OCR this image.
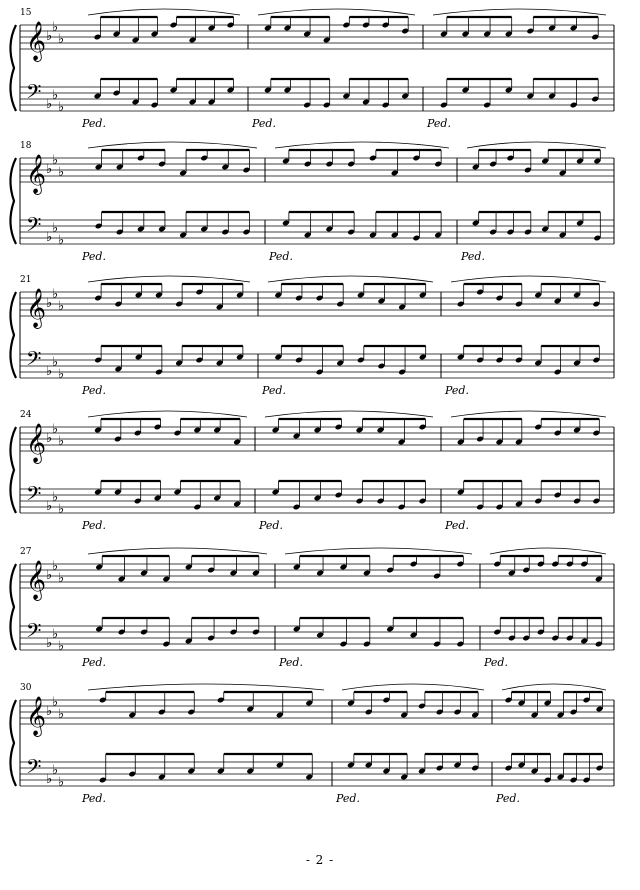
15
𝄞
𝄢
♭
♭
♭
♭
♭
♭
Ped.	Ped.	Ped.
18
𝄞
𝄢
♭
♭
♭
♭
♭
♭
Ped.	Ped.	Ped.
21
𝄞
𝄢
♭
♭
♭
♭
♭
♭
Ped.	Ped.	Ped.
24
𝄞
𝄢
♭
♭
♭
♭
♭
♭
Ped.	Ped.	Ped.
27
𝄞
𝄢
♭
♭
♭
♭
♭
♭
Ped.	Ped.	Ped.
30
𝄞
𝄢
♭
♭
♭
♭
♭
♭
Ped.	Ped.	Ped.
- 2 -
